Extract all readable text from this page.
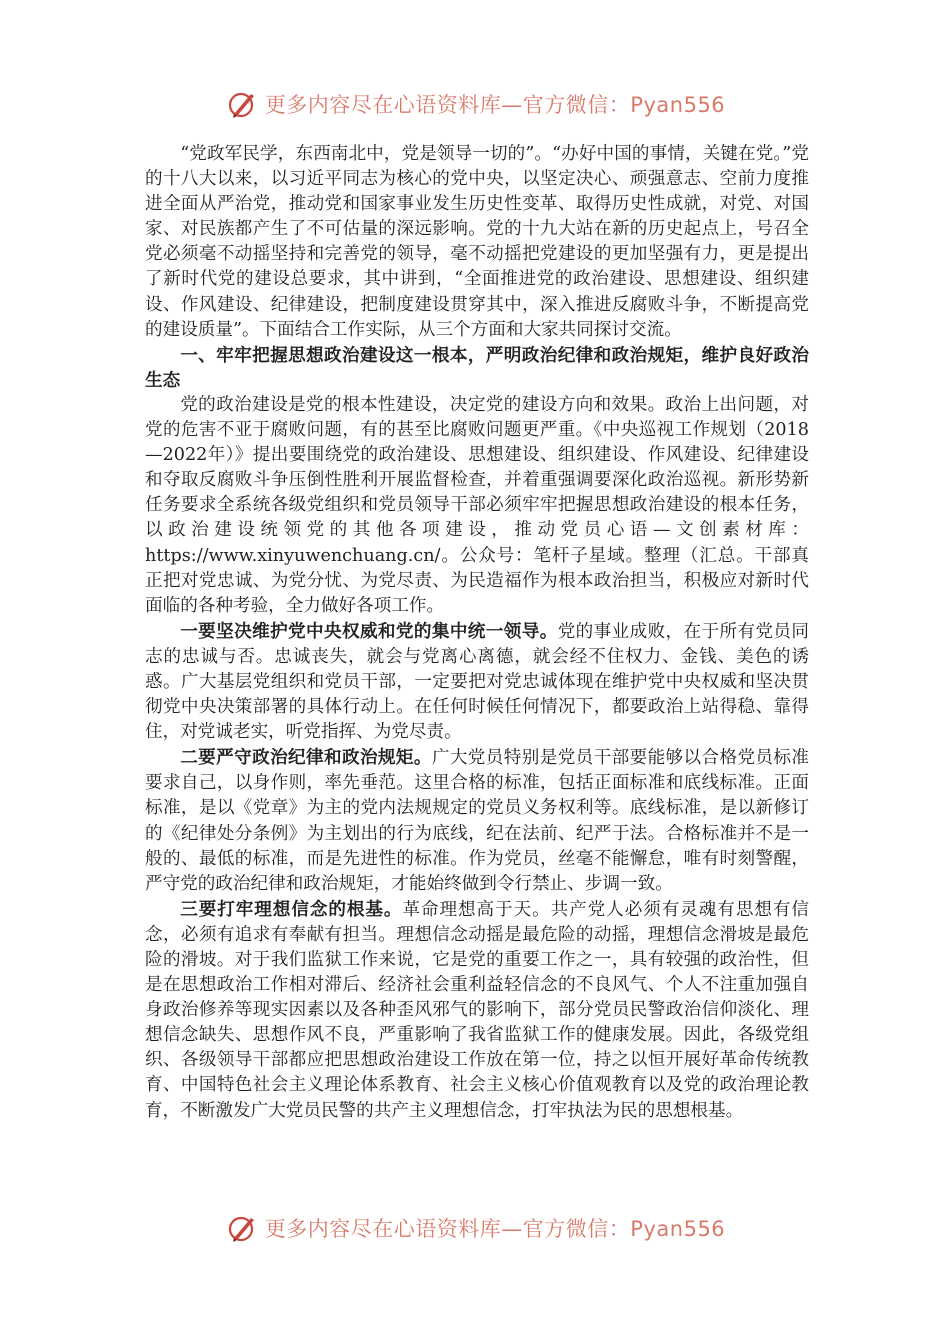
更多内容尽在心语资料库—官方微信：Pyan556

“党政军民学，东西南北中，党是领导一切的”。“办好中国的事情，关键在党。”党的十八大以来，以习近平同志为核心的党中央，以坚定决心、顽强意志、空前力度推进全面从严治党，推动党和国家事业发生历史性变革、取得历史性成就，对党、对国家、对民族都产生了不可估量的深远影响。党的十九大站在新的历史起点上，号召全党必须毫不动摇坚持和完善党的领导，毫不动摇把党建设的更加坚强有力，更是提出了新时代党的建设总要求，其中讲到，“全面推进党的政治建设、思想建设、组织建设、作风建设、纪律建设，把制度建设贯穿其中，深入推进反腐败斗争，不断提高党的建设质量”。下面结合工作实际，从三个方面和大家共同探讨交流。

一、牢牢把握思想政治建设这一根本，严明政治纪律和政治规矩，维护良好政治生态

党的政治建设是党的根本性建设，决定党的建设方向和效果。政治上出问题，对党的危害不亚于腐败问题，有的甚至比腐败问题更严重。《中央巡视工作规划（2018—2022年）》提出要围绕党的政治建设、思想建设、组织建设、作风建设、纪律建设和夺取反腐败斗争压倒性胜利开展监督检查，并着重强调要深化政治巡视。新形势新任务要求全系统各级党组织和党员领导干部必须牢牢把握思想政治建设的根本任务，以政治建设统领党的其他各项建设，推动党员心语—文创素材库：https://www.xinyuwenchuang.cn/。公众号：笔杆子星域。整理（汇总。干部真正把对党忠诚、为党分忧、为党尽责、为民造福作为根本政治担当，积极应对新时代面临的各种考验，全力做好各项工作。

一要坚决维护党中央权威和党的集中统一领导。党的事业成败，在于所有党员同志的忠诚与否。忠诚丧失，就会与党离心离德，就会经不住权力、金钱、美色的诱惑。广大基层党组织和党员干部，一定要把对党忠诚体现在维护党中央权威和坚决贯彻党中央决策部署的具体行动上。在任何时候任何情况下，都要政治上站得稳、靠得住，对党诚老实，听党指挥、为党尽责。

二要严守政治纪律和政治规矩。广大党员特别是党员干部要能够以合格党员标准要求自己，以身作则，率先垂范。这里合格的标准，包括正面标准和底线标准。正面标准，是以《党章》为主的党内法规规定的党员义务权利等。底线标准，是以新修订的《纪律处分条例》为主划出的行为底线，纪在法前、纪严于法。合格标准并不是一般的、最低的标准，而是先进性的标准。作为党员，丝毫不能懈怠，唯有时刻警醒，严守党的政治纪律和政治规矩，才能始终做到令行禁止、步调一致。

三要打牢理想信念的根基。革命理想高于天。共产党人必须有灵魂有思想有信念，必须有追求有奉献有担当。理想信念动摇是最危险的动摇，理想信念滑坡是最危险的滑坡。对于我们监狱工作来说，它是党的重要工作之一，具有较强的政治性，但是在思想政治工作相对滞后、经济社会重利益轻信念的不良风气、个人不注重加强自身政治修养等现实因素以及各种歪风邪气的影响下，部分党员民警政治信仰淡化、理想信念缺失、思想作风不良，严重影响了我省监狱工作的健康发展。因此，各级党组织、各级领导干部都应把思想政治建设工作放在第一位，持之以恒开展好革命传统教育、中国特色社会主义理论体系教育、社会主义核心价值观教育以及党的政治理论教育，不断激发广大党员民警的共产主义理想信念，打牢执法为民的思想根基。

更多内容尽在心语资料库—官方微信：Pyan556
